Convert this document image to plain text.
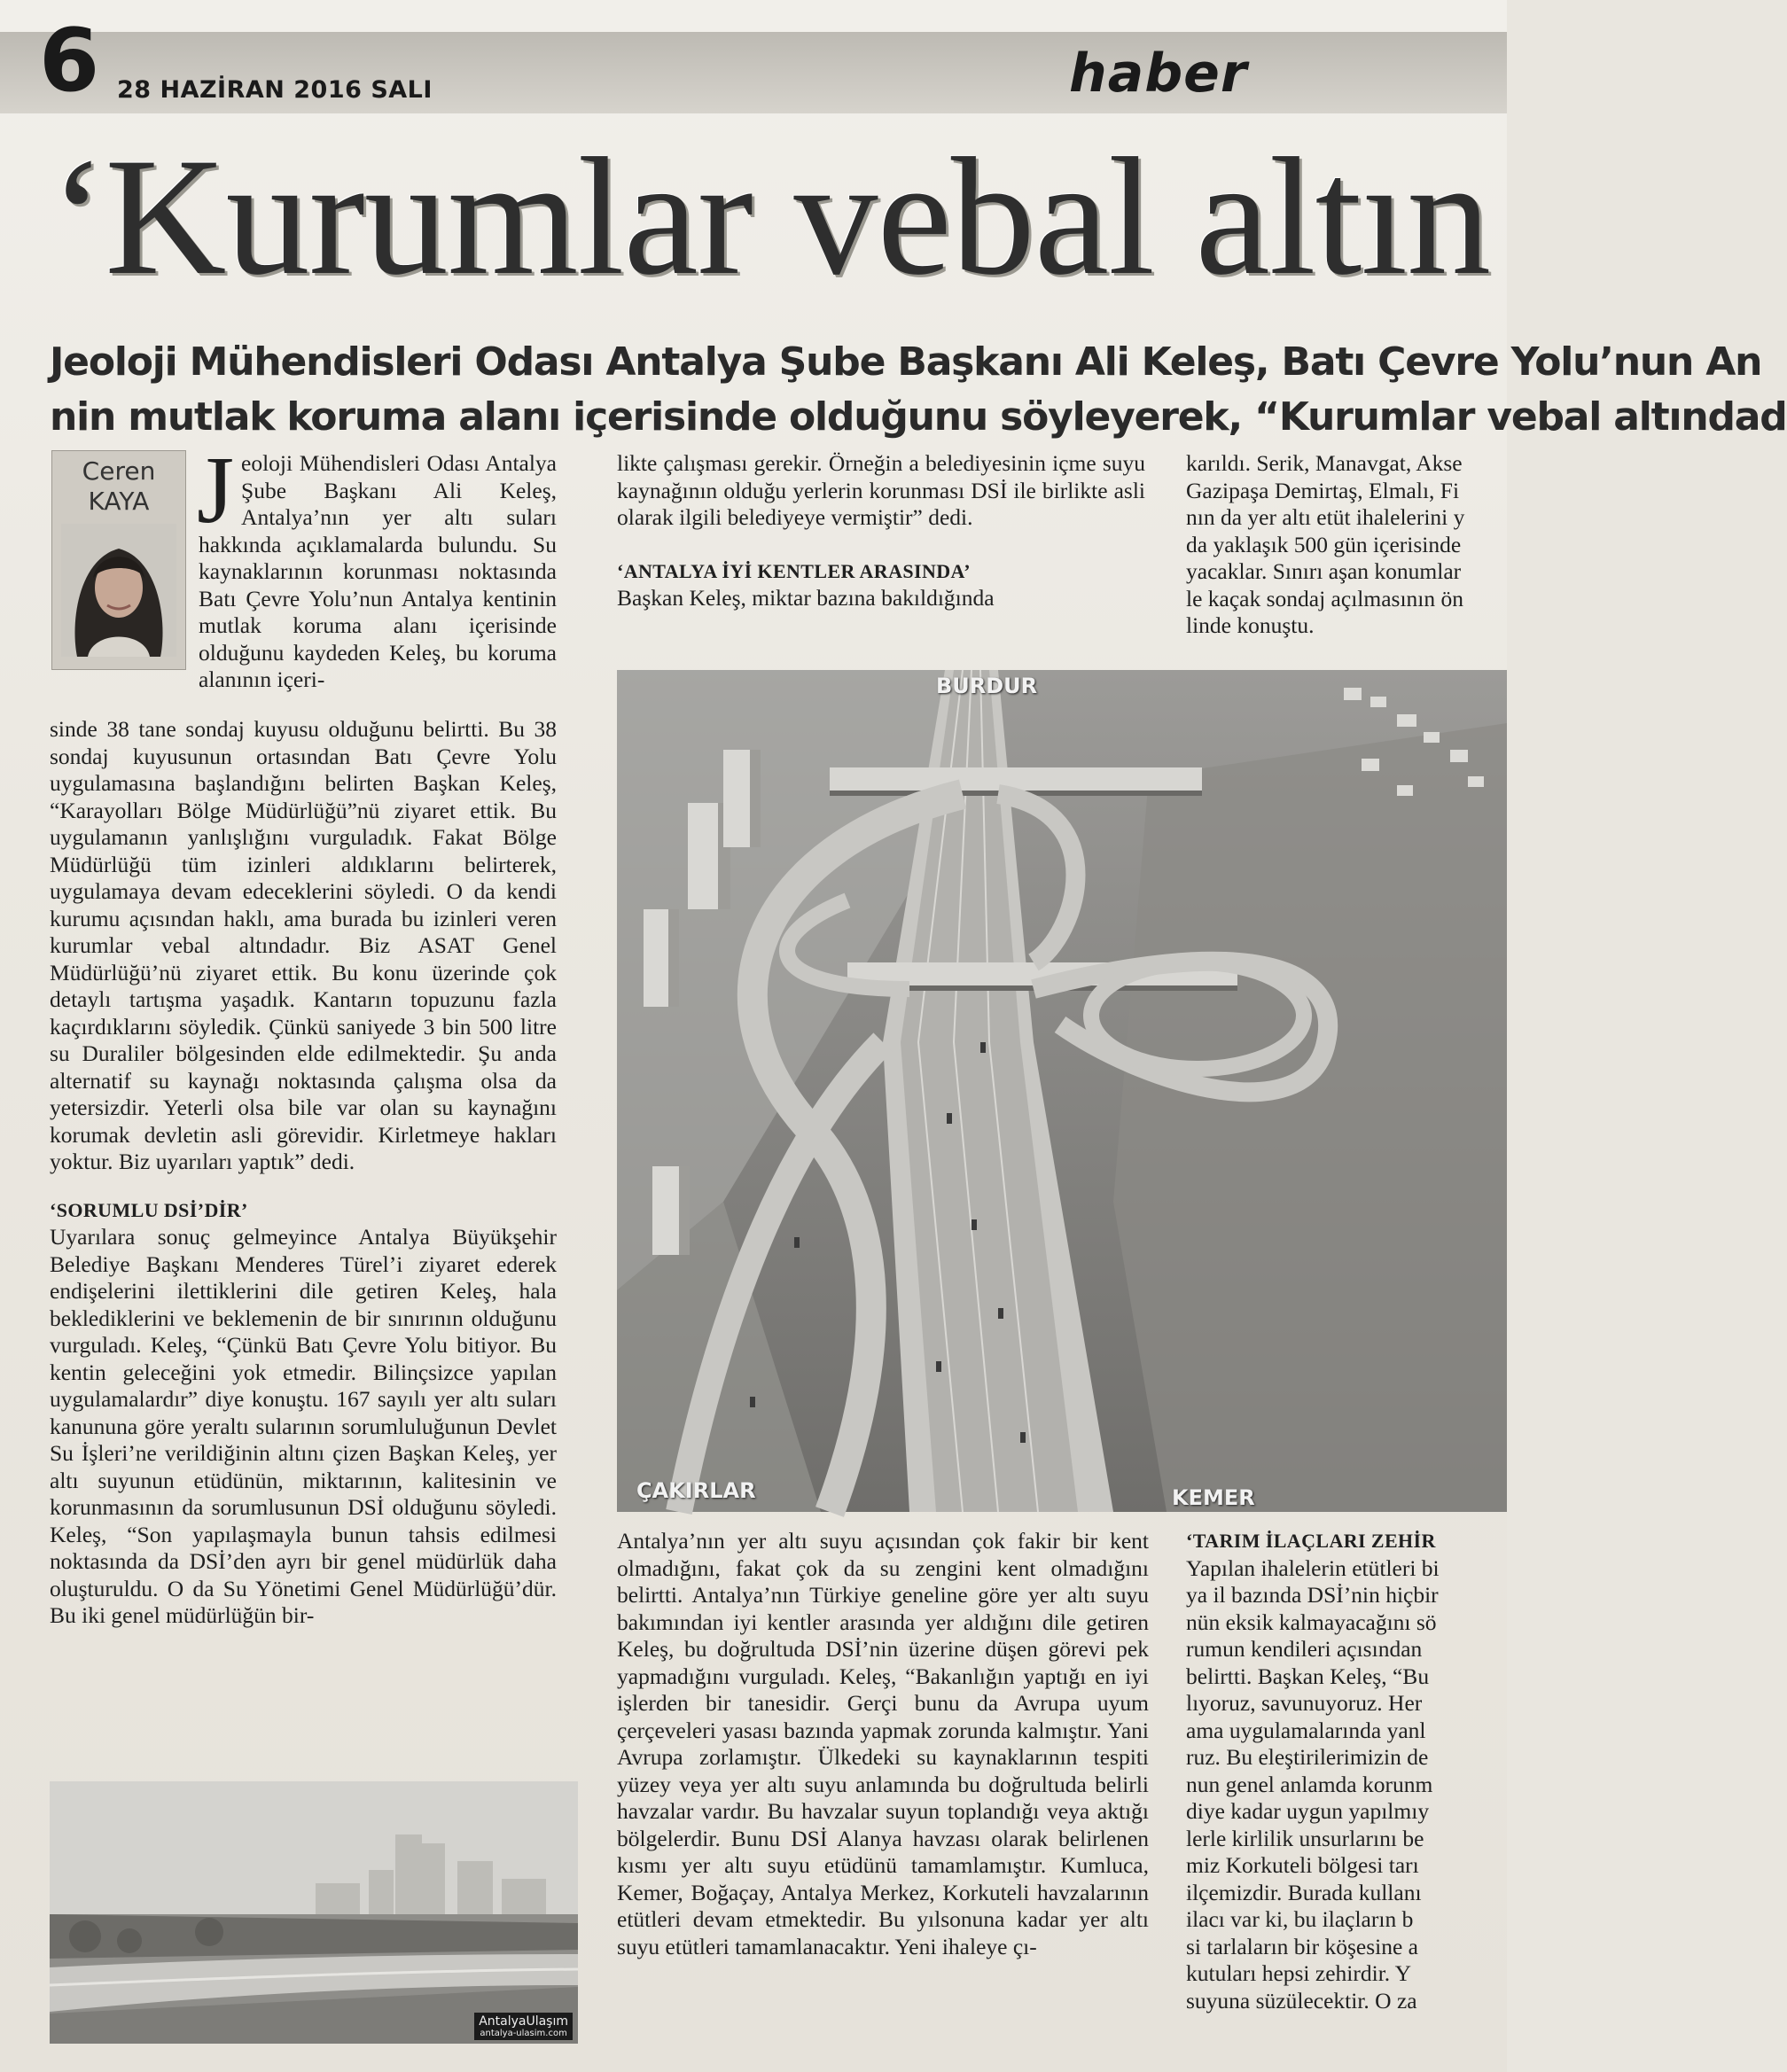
6 28 HAZİRAN 2016 SALI	haber
‘Kurumlar vebal altın
Jeoloji Mühendisleri Odası Antalya Şube Başkanı Ali Keleş, Batı Çevre Yolu’nun An
nin mutlak koruma alanı içerisinde olduğunu söyleyerek, “Kurumlar vebal altındad
Ceren
KAYA J eoloji Mühendisleri Odası Antalya Şube Başkanı Ali Keleş, Antalya’nın yer altı suları hakkında açıklamalarda bulundu. Su kaynaklarının korunması noktasında Batı Çevre Yolu’nun Antalya kentinin mutlak koruma alanı içerisinde olduğunu kaydeden Keleş, bu koruma alanının içeri-

sinde 38 tane sondaj kuyusu olduğunu belirtti. Bu 38 sondaj kuyusunun ortasından Batı Çevre Yolu uygulamasına başlandığını belirten Başkan Keleş, “Karayolları Bölge Müdürlüğü”nü ziyaret ettik. Bu uygulamanın yanlışlığını vurguladık. Fakat Bölge Müdürlüğü tüm izinleri aldıklarını belirterek, uygulamaya devam edeceklerini söyledi. O da kendi kurumu açısından haklı, ama burada bu izinleri veren kurumlar vebal altındadır. Biz ASAT Genel Müdürlüğü’nü ziyaret ettik. Bu konu üzerinde çok detaylı tartışma yaşadık. Kantarın topuzunu fazla kaçırdıklarını söyledik. Çünkü saniyede 3 bin 500 litre su Duraliler bölgesinden elde edilmektedir. Şu anda alternatif su kaynağı noktasında çalışma olsa da yetersizdir. Yeterli olsa bile var olan su kaynağını korumak devletin asli görevidir. Kirletmeye hakları yoktur. Biz uyarıları yaptık” dedi.

‘SORUMLU DSİ’DİR’

Uyarılara sonuç gelmeyince Antalya Büyükşehir Belediye Başkanı Menderes Türel’i ziyaret ederek endişelerini ilettiklerini dile getiren Keleş, hala beklediklerini ve beklemenin de bir sınırının olduğunu vurguladı. Keleş, “Çünkü Batı Çevre Yolu bitiyor. Bu kentin geleceğini yok etmedir. Bilinçsizce yapılan uygulamalardır” diye konuştu. 167 sayılı yer altı suları kanununa göre yeraltı sularının sorumluluğunun Devlet Su İşleri’ne verildiğinin altını çizen Başkan Keleş, yer altı suyunun etüdünün, miktarının, kalitesinin ve korunmasının da sorumlusunun DSİ olduğunu söyledi. Keleş, “Son yapılaşmayla bunun tahsis edilmesi noktasında da DSİ’den ayrı bir genel müdürlük daha oluşturuldu. O da Su Yönetimi Genel Müdürlüğü’dür. Bu iki genel müdürlüğün bir-

likte çalışması gerekir. Örneğin a belediyesinin içme suyu kaynağının olduğu yerlerin korunması DSİ ile birlikte asli olarak ilgili belediyeye vermiştir” dedi.

‘ANTALYA İYİ KENTLER ARASINDA’

Başkan Keleş, miktar bazına bakıldığında

karıldı. Serik, Manavgat, Akse

Gazipaşa Demirtaş, Elmalı, Fi

nın da yer altı etüt ihalelerini y

da yaklaşık 500 gün içerisinde

yacaklar. Sınırı aşan konumlar

le kaçak sondaj açılmasının ön

linde konuştu.

BURDUR
ÇAKIRLAR	KEMER

Antalya’nın yer altı suyu açısından çok fakir bir kent olmadığını, fakat çok da su zengini kent olmadığını belirtti. Antalya’nın Türkiye geneline göre yer altı suyu bakımından iyi kentler arasında yer aldığını dile getiren Keleş, bu doğrultuda DSİ’nin üzerine düşen görevi pek yapmadığını vurguladı. Keleş, “Bakanlığın yaptığı en iyi işlerden bir tanesidir. Gerçi bunu da Avrupa uyum çerçeveleri yasası bazında yapmak zorunda kalmıştır. Yani Avrupa zorlamıştır. Ülkedeki su kaynaklarının tespiti yüzey veya yer altı suyu anlamında bu doğrultuda belirli havzalar vardır. Bu havzalar suyun toplandığı veya aktığı bölgelerdir. Bunu DSİ Alanya havzası olarak belirlenen kısmı yer altı suyu etüdünü tamamlamıştır. Kumluca, Kemer, Boğaçay, Antalya Merkez, Korkuteli havzalarının etütleri devam etmektedir. Bu yılsonuna kadar yer altı suyu etütleri tamamlanacaktır. Yeni ihaleye çı-

‘TARIM İLAÇLARI ZEHİR

Yapılan ihalelerin etütleri bi

ya il bazında DSİ’nin hiçbir

nün eksik kalmayacağını sö

rumun kendileri açısından

belirtti. Başkan Keleş, “Bu

lıyoruz, savunuyoruz. Her

ama uygulamalarında yanl

ruz. Bu eleştirilerimizin de

nun genel anlamda korunm

diye kadar uygun yapılmıy

lerle kirlilik unsurlarını be

miz Korkuteli bölgesi tarı

ilçemizdir. Burada kullanı

ilacı var ki, bu ilaçların b

si tarlaların bir köşesine a

kutuları hepsi zehirdir. Y

suyuna süzülecektir. O za

AntalyaUlaşım
antalya-ulasim.com
